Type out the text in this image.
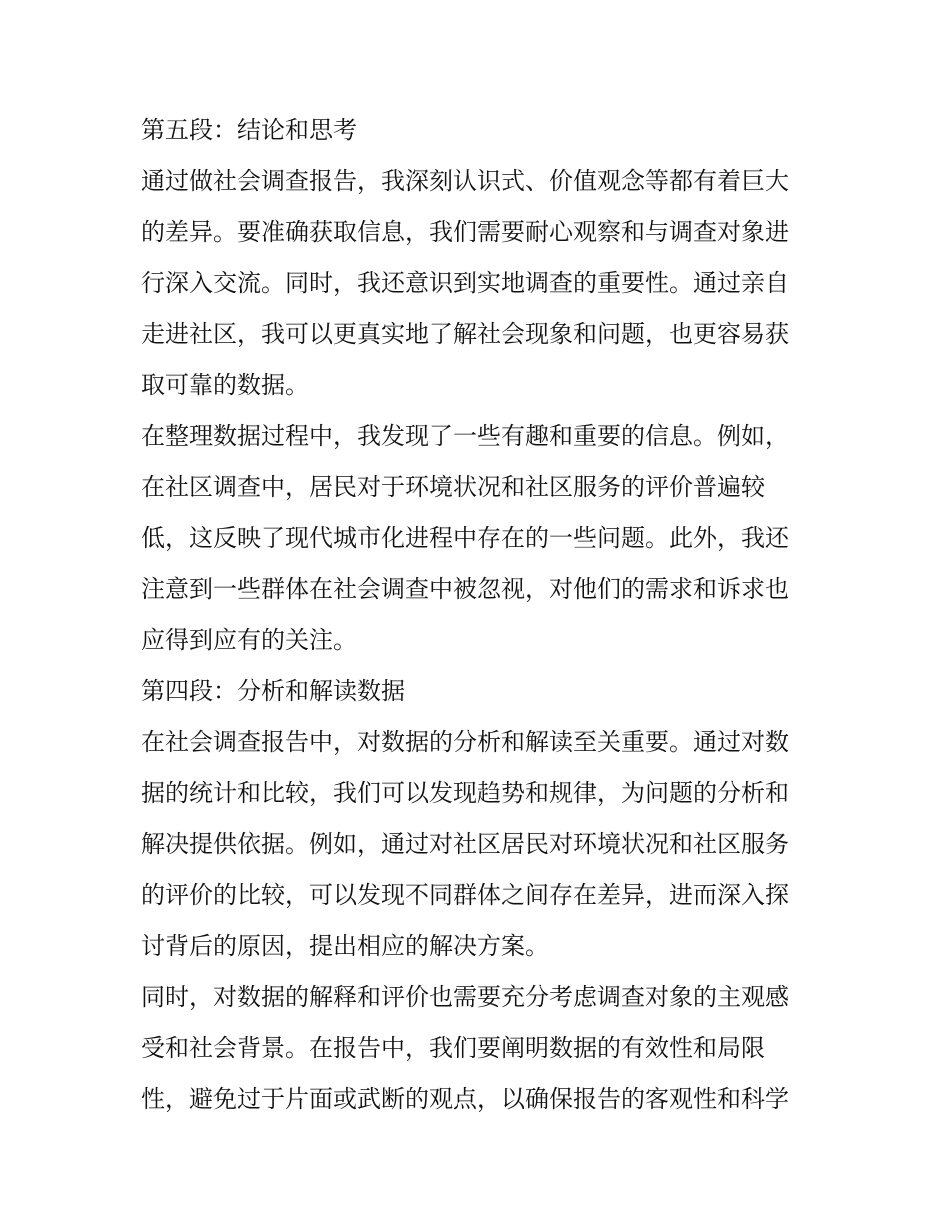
第五段：结论和思考
通过做社会调查报告，我深刻认识式、价值观念等都有着巨大
的差异。要准确获取信息，我们需要耐心观察和与调查对象进
行深入交流。同时，我还意识到实地调查的重要性。通过亲自
走进社区，我可以更真实地了解社会现象和问题，也更容易获
取可靠的数据。
在整理数据过程中，我发现了一些有趣和重要的信息。例如，
在社区调查中，居民对于环境状况和社区服务的评价普遍较
低，这反映了现代城市化进程中存在的一些问题。此外，我还
注意到一些群体在社会调查中被忽视，对他们的需求和诉求也
应得到应有的关注。
第四段：分析和解读数据
在社会调查报告中，对数据的分析和解读至关重要。通过对数
据的统计和比较，我们可以发现趋势和规律，为问题的分析和
解决提供依据。例如，通过对社区居民对环境状况和社区服务
的评价的比较，可以发现不同群体之间存在差异，进而深入探
讨背后的原因，提出相应的解决方案。
同时，对数据的解释和评价也需要充分考虑调查对象的主观感
受和社会背景。在报告中，我们要阐明数据的有效性和局限
性，避免过于片面或武断的观点，以确保报告的客观性和科学
